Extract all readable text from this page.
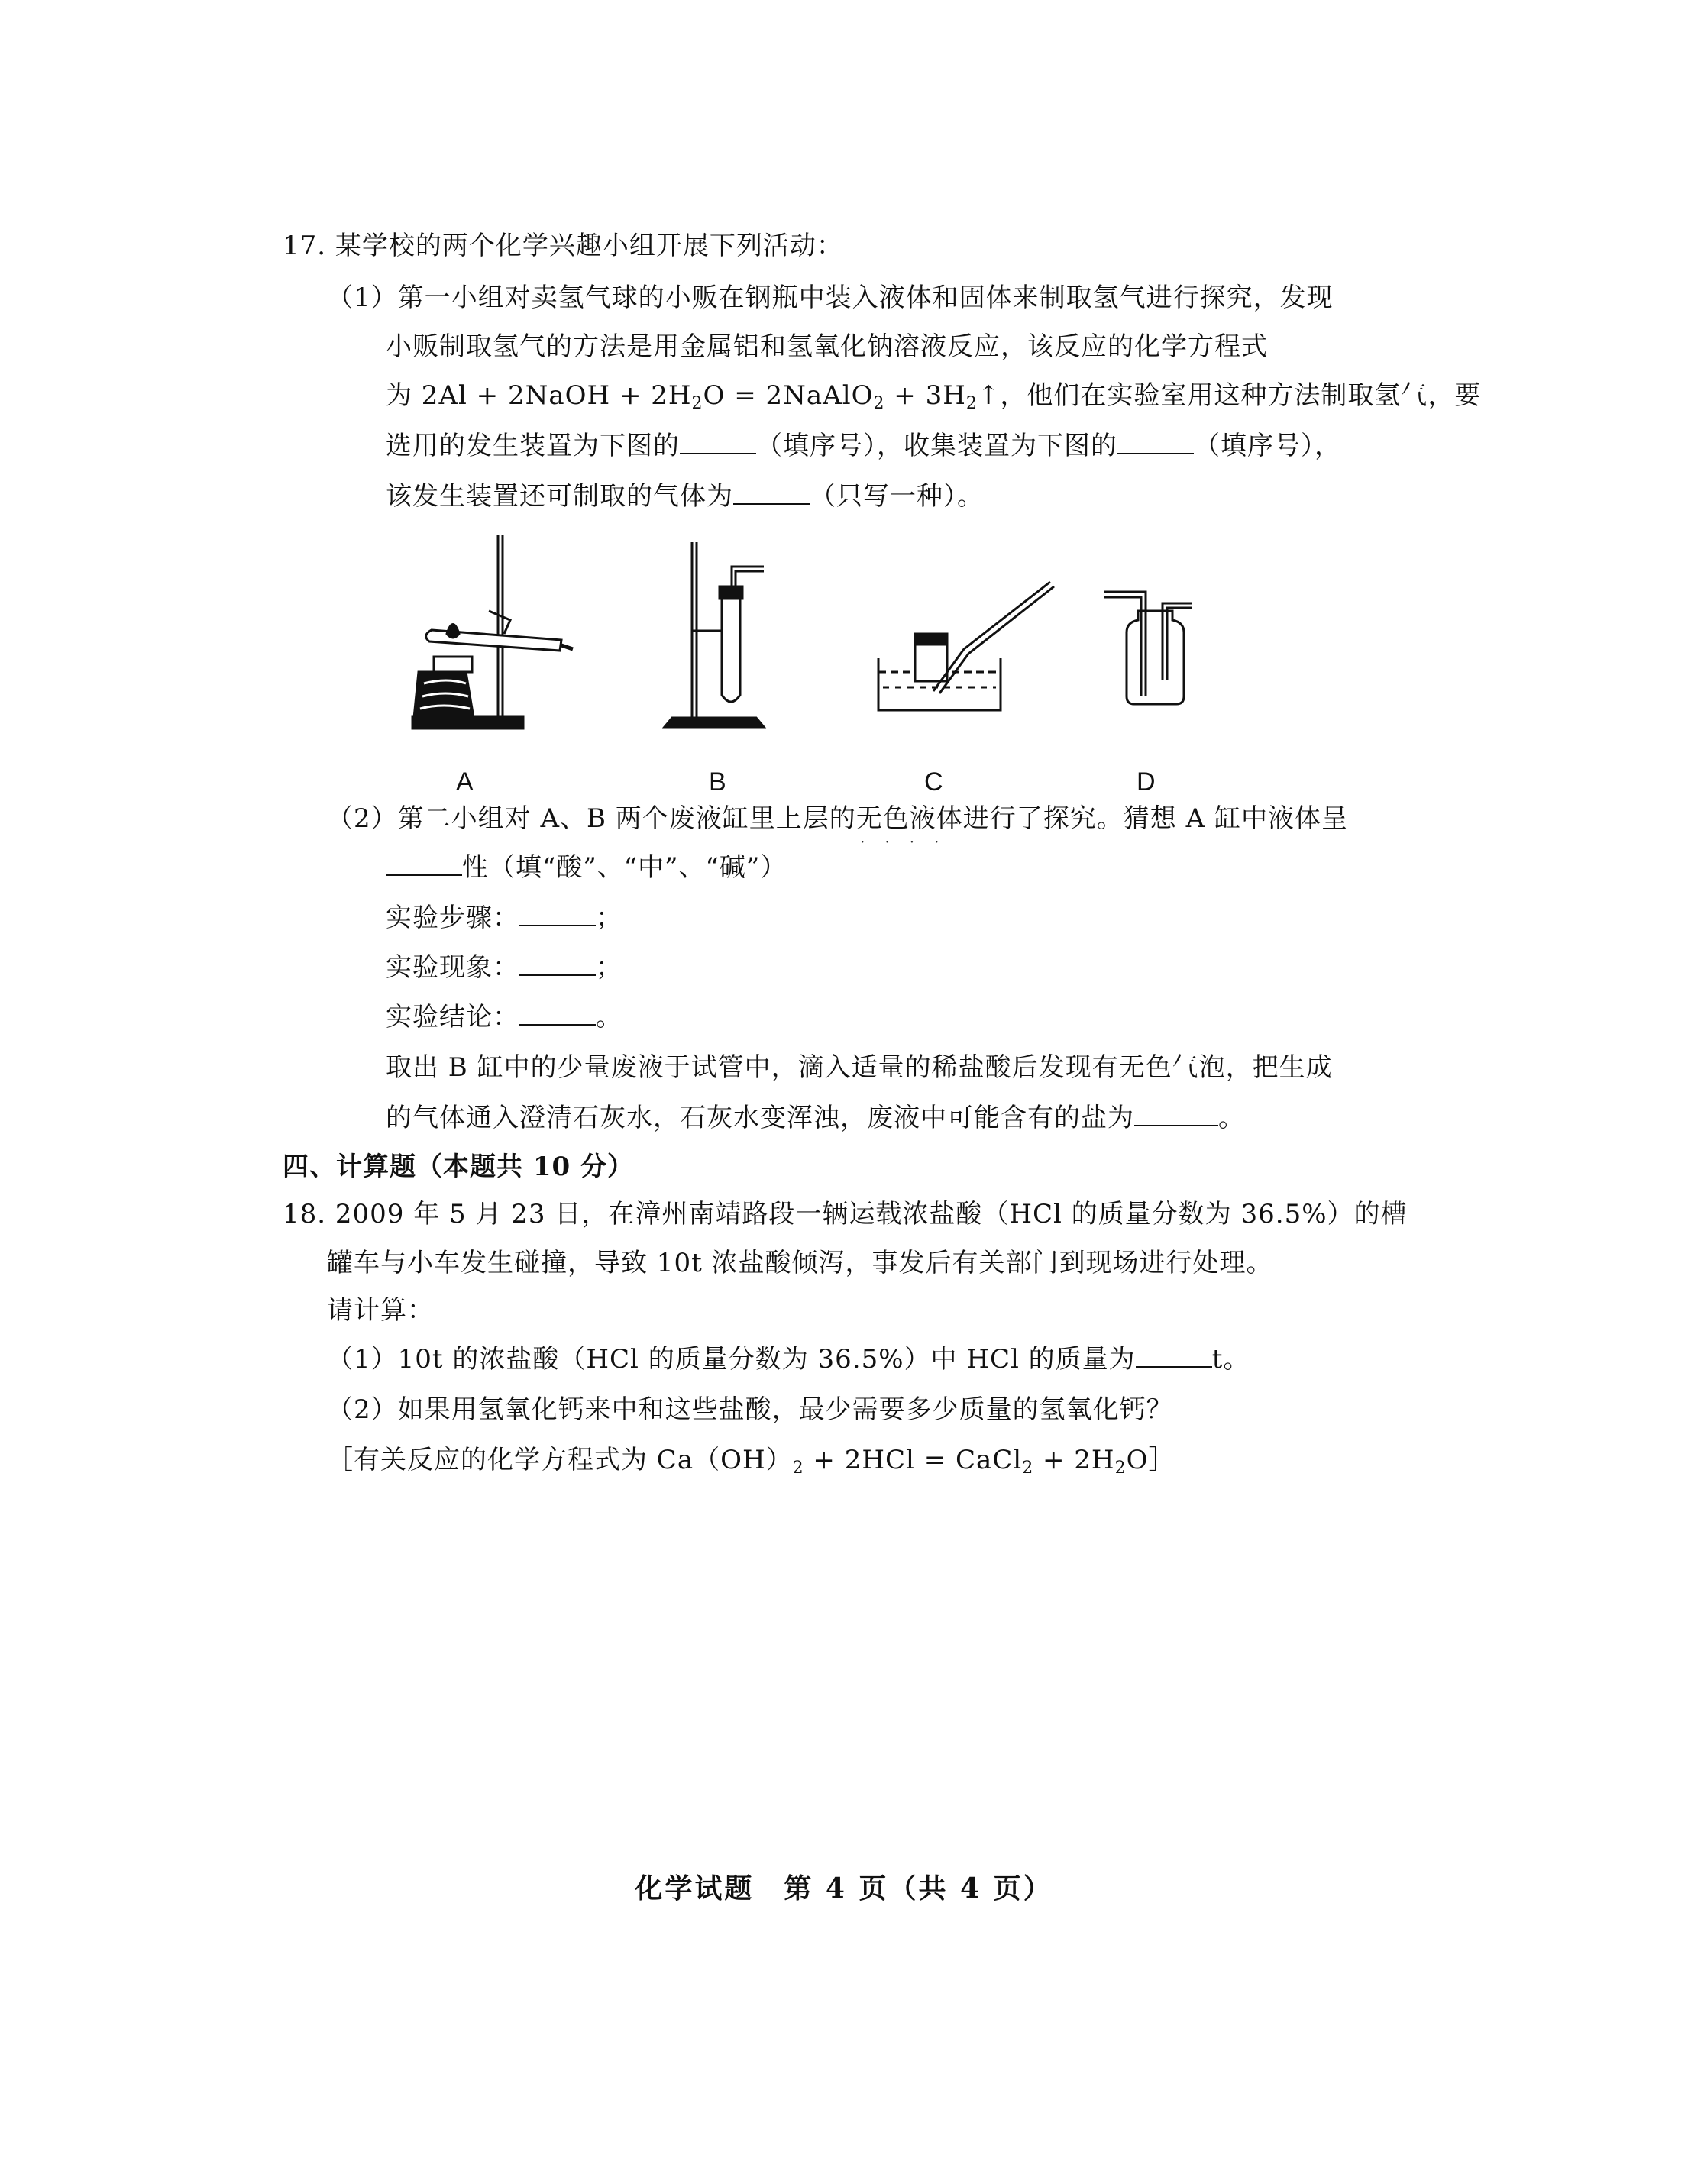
17. 某学校的两个化学兴趣小组开展下列活动：
（1）第一小组对卖氢气球的小贩在钢瓶中装入液体和固体来制取氢气进行探究，发现
小贩制取氢气的方法是用金属铝和氢氧化钠溶液反应，该反应的化学方程式
为 2Al + 2NaOH + $2H_2O$ = 2NaAlO$_2$ + $3H_2↑$，他们在实验室用这种方法制取氢气，要
选用的发生装置为下图的	（填序号），收集装置为下图的	（填序号），
该发生装置还可制取的气体为	（只写一种）。
A	B	C	D
（2）第二小组对 A、B 两个废液缸里上层的无色液体
····
进行了探究。猜想 A 缸中液体呈
性（填“酸”、“中”、“碱”）
实验步骤：	；
实验现象：	；
实验结论：	。
取出 B 缸中的少量废液于试管中，滴入适量的稀盐酸后发现有无色气泡，把生成
的气体通入澄清石灰水，石灰水变浑浊，废液中可能含有的盐为	。
四、计算题（本题共 10 分）
18. 2009 年 5 月 23 日，在漳州南靖路段一辆运载浓盐酸（HCl 的质量分数为 36.5%）的槽
罐车与小车发生碰撞，导致 10t 浓盐酸倾泻，事发后有关部门到现场进行处理。
请计算：
（1）10t 的浓盐酸（HCl 的质量分数为 36.5%）中 HCl 的质量为	t。
（2）如果用氢氧化钙来中和这些盐酸，最少需要多少质量的氢氧化钙？
［有关反应的化学方程式为 $Ca(OH)_2 + 2HCl$ = CaCl$_2$ + $2H_2O]$
化学试题　第 4 页（共 4 页）
